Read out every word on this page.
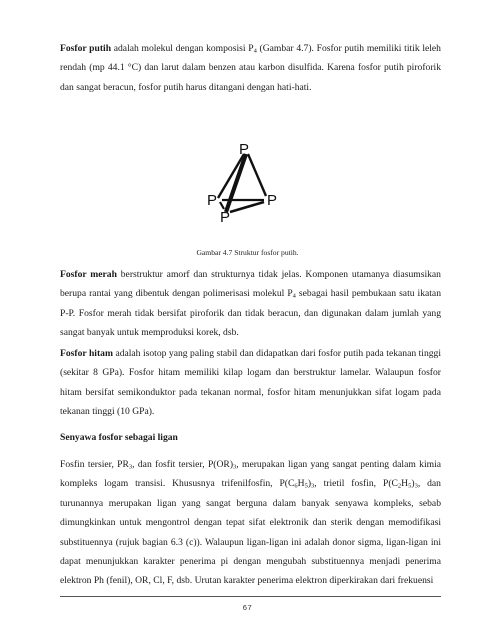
Fosfor putih adalah molekul dengan komposisi $P_4$ (Gambar 4.7). Fosfor putih memiliki titik leleh rendah (mp 44.1 °C) dan larut dalam benzen atau karbon disulfida. Karena fosfor putih piroforik dan sangat beracun, fosfor putih harus ditangani dengan hati-hati.

P
P	P
P
Gambar 4.7 Struktur fosfor putih.

Fosfor merah berstruktur amorf dan strukturnya tidak jelas. Komponen utamanya diasumsikan berupa rantai yang dibentuk dengan polimerisasi molekul $P_4$ sebagai hasil pembukaan satu ikatan P-P. Fosfor merah tidak bersifat piroforik dan tidak beracun, dan digunakan dalam jumlah yang sangat banyak untuk memproduksi korek, dsb.

Fosfor hitam adalah isotop yang paling stabil dan didapatkan dari fosfor putih pada tekanan tinggi (sekitar 8 GPa). Fosfor hitam memiliki kilap logam dan berstruktur lamelar. Walaupun fosfor hitam bersifat semikonduktor pada tekanan normal, fosfor hitam menunjukkan sifat logam pada tekanan tinggi (10 GPa).

Senyawa fosfor sebagai ligan

Fosfin tersier, $PR_3$, dan fosfit tersier, $P(OR)_3$, merupakan ligan yang sangat penting dalam kimia kompleks logam transisi. Khususnya trifenilfosfin, $P(C_6H_5)_3$, trietil fosfin, $P(C_2H_5)_3$, dan turunannya merupakan ligan yang sangat berguna dalam banyak senyawa kompleks, sebab dimungkinkan untuk mengontrol dengan tepat sifat elektronik dan sterik dengan memodifikasi substituennya (rujuk bagian 6.3 (c)). Walaupun ligan-ligan ini adalah donor sigma, ligan-ligan ini dapat menunjukkan karakter penerima pi dengan mengubah substituennya menjadi penerima elektron Ph (fenil), OR, Cl, F, dsb. Urutan karakter penerima elektron diperkirakan dari frekuensi

67
